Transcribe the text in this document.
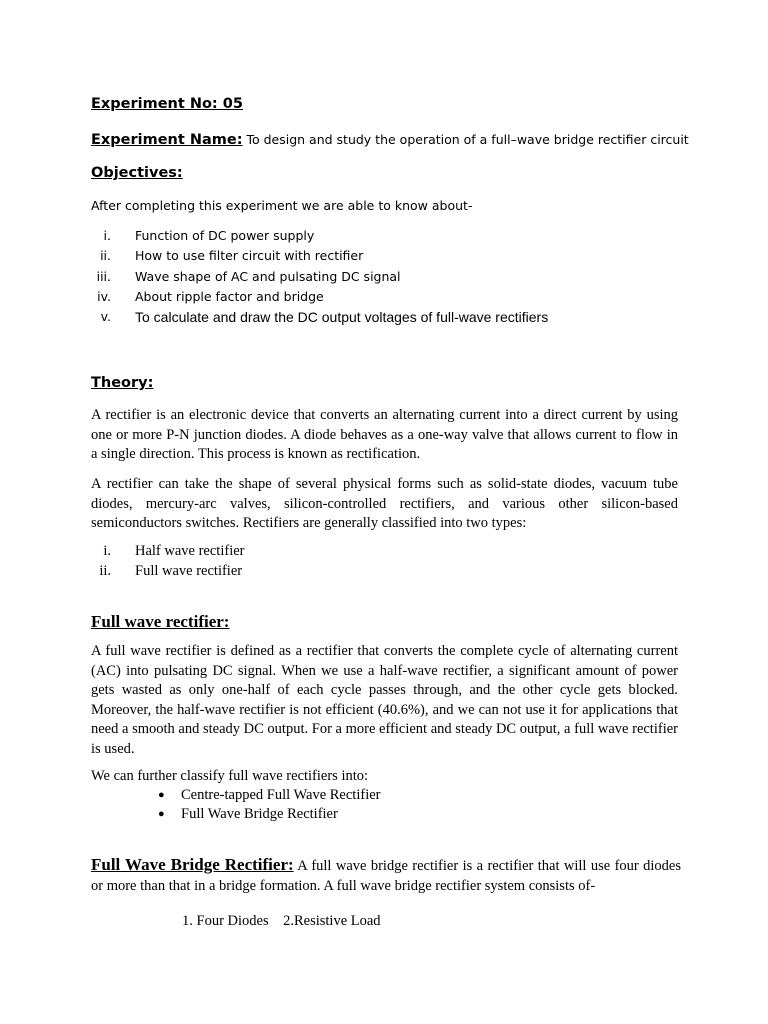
Experiment No: 05
Experiment Name: To design and study the operation of a full–wave bridge rectifier circuit
Objectives:
After completing this experiment we are able to know about-
i. Function of DC power supply
ii. How to use filter circuit with rectifier
iii. Wave shape of AC and pulsating DC signal
iv. About ripple factor and bridge
v. To calculate and draw the DC output voltages of full-wave rectifiers
Theory:
A rectifier is an electronic device that converts an alternating current into a direct current by using one or more P-N junction diodes. A diode behaves as a one-way valve that allows current to flow in a single direction. This process is known as rectification.
A rectifier can take the shape of several physical forms such as solid-state diodes, vacuum tube diodes, mercury-arc valves, silicon-controlled rectifiers, and various other silicon-based semiconductors switches. Rectifiers are generally classified into two types:
i. Half wave rectifier
ii. Full wave rectifier
Full wave rectifier:
A full wave rectifier is defined as a rectifier that converts the complete cycle of alternating current (AC) into pulsating DC signal. When we use a half-wave rectifier, a significant amount of power gets wasted as only one-half of each cycle passes through, and the other cycle gets blocked. Moreover, the half-wave rectifier is not efficient (40.6%), and we can not use it for applications that need a smooth and steady DC output. For a more efficient and steady DC output, a full wave rectifier is used.
We can further classify full wave rectifiers into:
● Centre-tapped Full Wave Rectifier
● Full Wave Bridge Rectifier
Full Wave Bridge Rectifier: A full wave bridge rectifier is a rectifier that will use four diodes or more than that in a bridge formation. A full wave bridge rectifier system consists of-
1. Four Diodes    2.Resistive Load
